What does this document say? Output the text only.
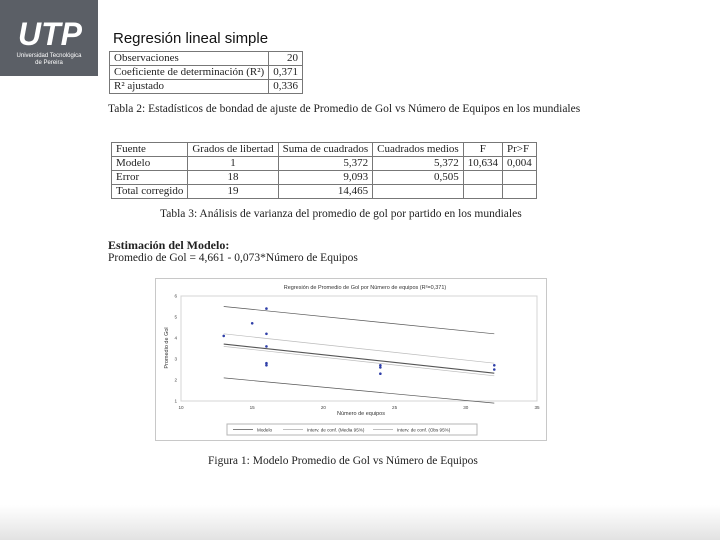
UTP
Universidad Tecnológica
de Pereira
Regresión lineal simple
Observaciones	20
Coeficiente de determinación (R²)	0,371
R² ajustado	0,336
Tabla 2: Estadísticos de bondad de ajuste de Promedio de Gol vs Número de Equipos en los mundiales
Fuente	Grados de libertad	Suma de cuadrados	Cuadrados medios	F	Pr>F
Modelo	1	5,372	5,372	10,634	0,004
Error	18	9,093	0,505		
Total corregido	19	14,465			
Tabla 3: Análisis de varianza del promedio de gol por partido en los mundiales
Estimación del Modelo:
Promedio de Gol = 4,661 - 0,073*Número de Equipos
Regresión de Promedio de Gol por Número de equipos (R²=0,371)
10	15	20	25	30	35
1
2
3
4
5
6
Número de equipos
Promedio de Gol
Modelo	Interv. de conf. (Media 95%)	Interv. de conf. (Obs 95%)
Figura 1: Modelo Promedio de Gol vs Número de Equipos
